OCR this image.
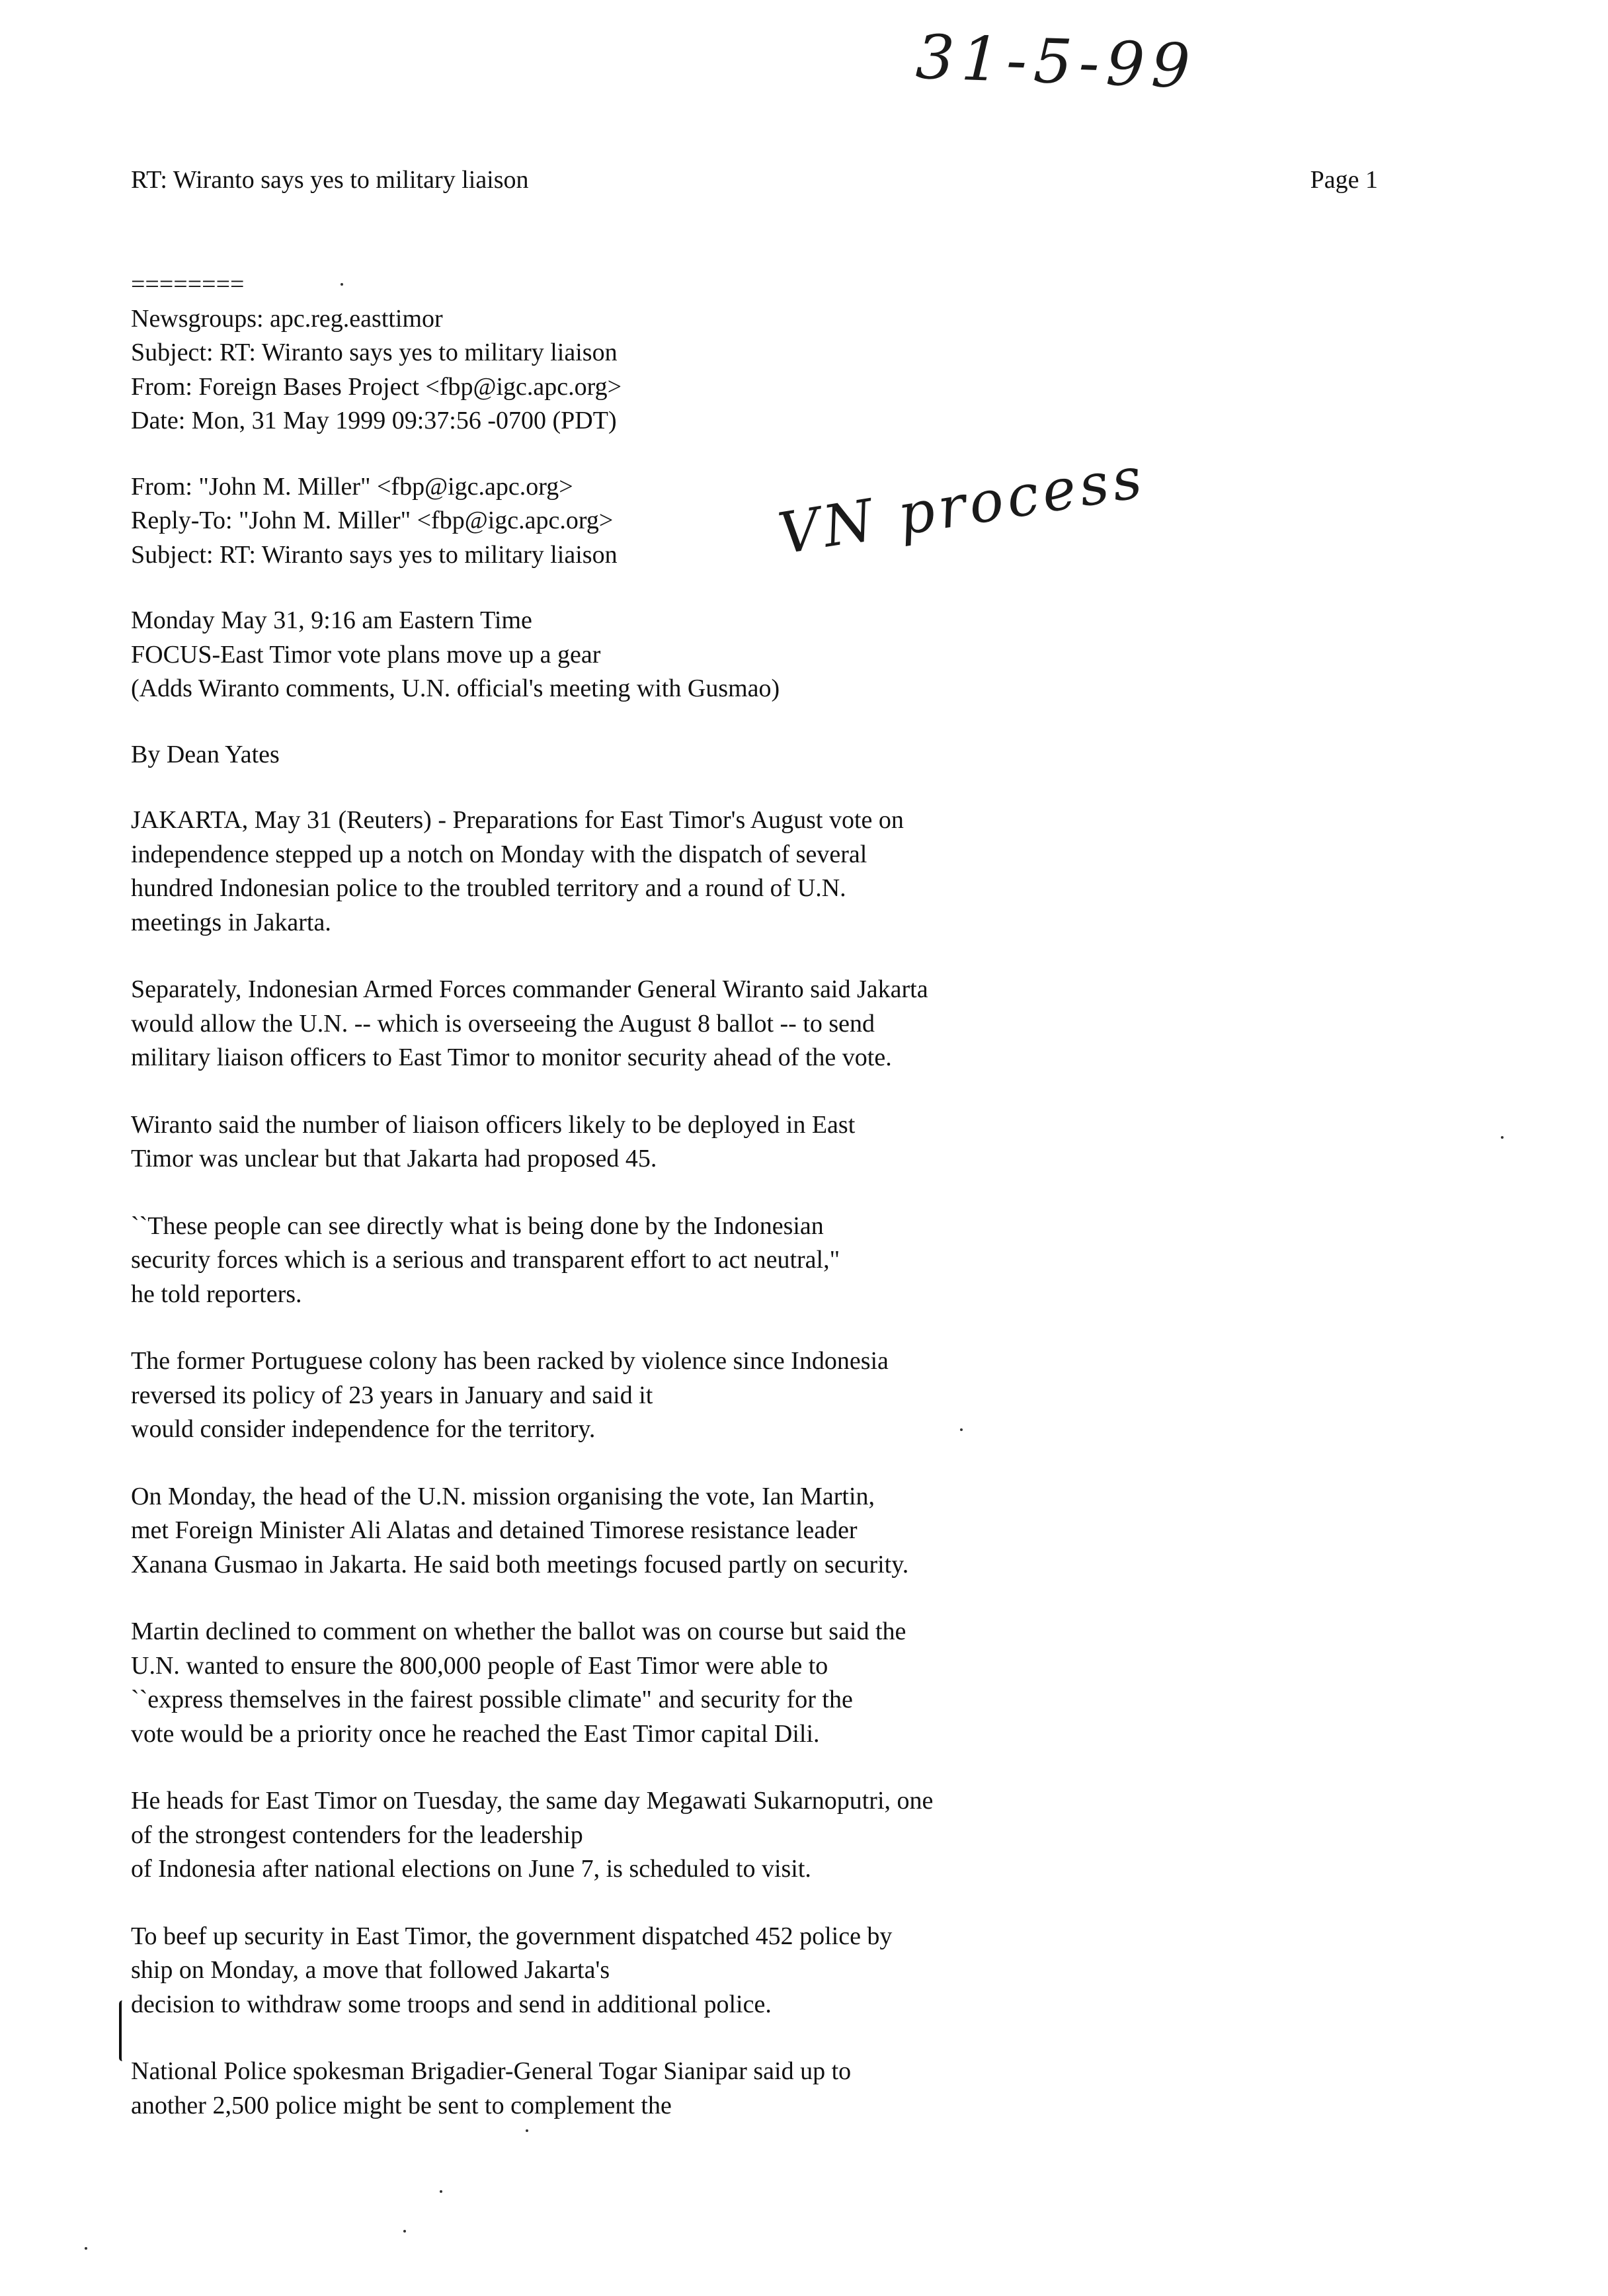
31-5-99
VN process
RT: Wiranto says yes to military liaison	Page 1
========
Newsgroups: apc.reg.easttimor
Subject: RT: Wiranto says yes to military liaison
From: Foreign Bases Project <fbp@igc.apc.org>
Date: Mon, 31 May 1999 09:37:56 -0700 (PDT)
From: "John M. Miller" <fbp@igc.apc.org>
Reply-To: "John M. Miller" <fbp@igc.apc.org>
Subject: RT: Wiranto says yes to military liaison
Monday May 31, 9:16 am Eastern Time
FOCUS-East Timor vote plans move up a gear
(Adds Wiranto comments, U.N. official's meeting with Gusmao)
By Dean Yates
JAKARTA, May 31 (Reuters) - Preparations for East Timor's August vote on
independence stepped up a notch on Monday with the dispatch of several
hundred Indonesian police to the troubled territory and a round of U.N.
meetings in Jakarta.
Separately, Indonesian Armed Forces commander General Wiranto said Jakarta
would allow the U.N. -- which is overseeing the August 8 ballot -- to send
military liaison officers to East Timor to monitor security ahead of the vote.
Wiranto said the number of liaison officers likely to be deployed in East
Timor was unclear but that Jakarta had proposed 45.
``These people can see directly what is being done by the Indonesian
security forces which is a serious and transparent effort to act neutral,"
he told reporters.
The former Portuguese colony has been racked by violence since Indonesia
reversed its policy of 23 years in January and said it
would consider independence for the territory.
On Monday, the head of the U.N. mission organising the vote, Ian Martin,
met Foreign Minister Ali Alatas and detained Timorese resistance leader
Xanana Gusmao in Jakarta. He said both meetings focused partly on security.
Martin declined to comment on whether the ballot was on course but said the
U.N. wanted to ensure the 800,000 people of East Timor were able to
``express themselves in the fairest possible climate" and security for the
vote would be a priority once he reached the East Timor capital Dili.
He heads for East Timor on Tuesday, the same day Megawati Sukarnoputri, one
of the strongest contenders for the leadership
of Indonesia after national elections on June 7, is scheduled to visit.
To beef up security in East Timor, the government dispatched 452 police by
ship on Monday, a move that followed Jakarta's
decision to withdraw some troops and send in additional police.
National Police spokesman Brigadier-General Togar Sianipar said up to
another 2,500 police might be sent to complement the
